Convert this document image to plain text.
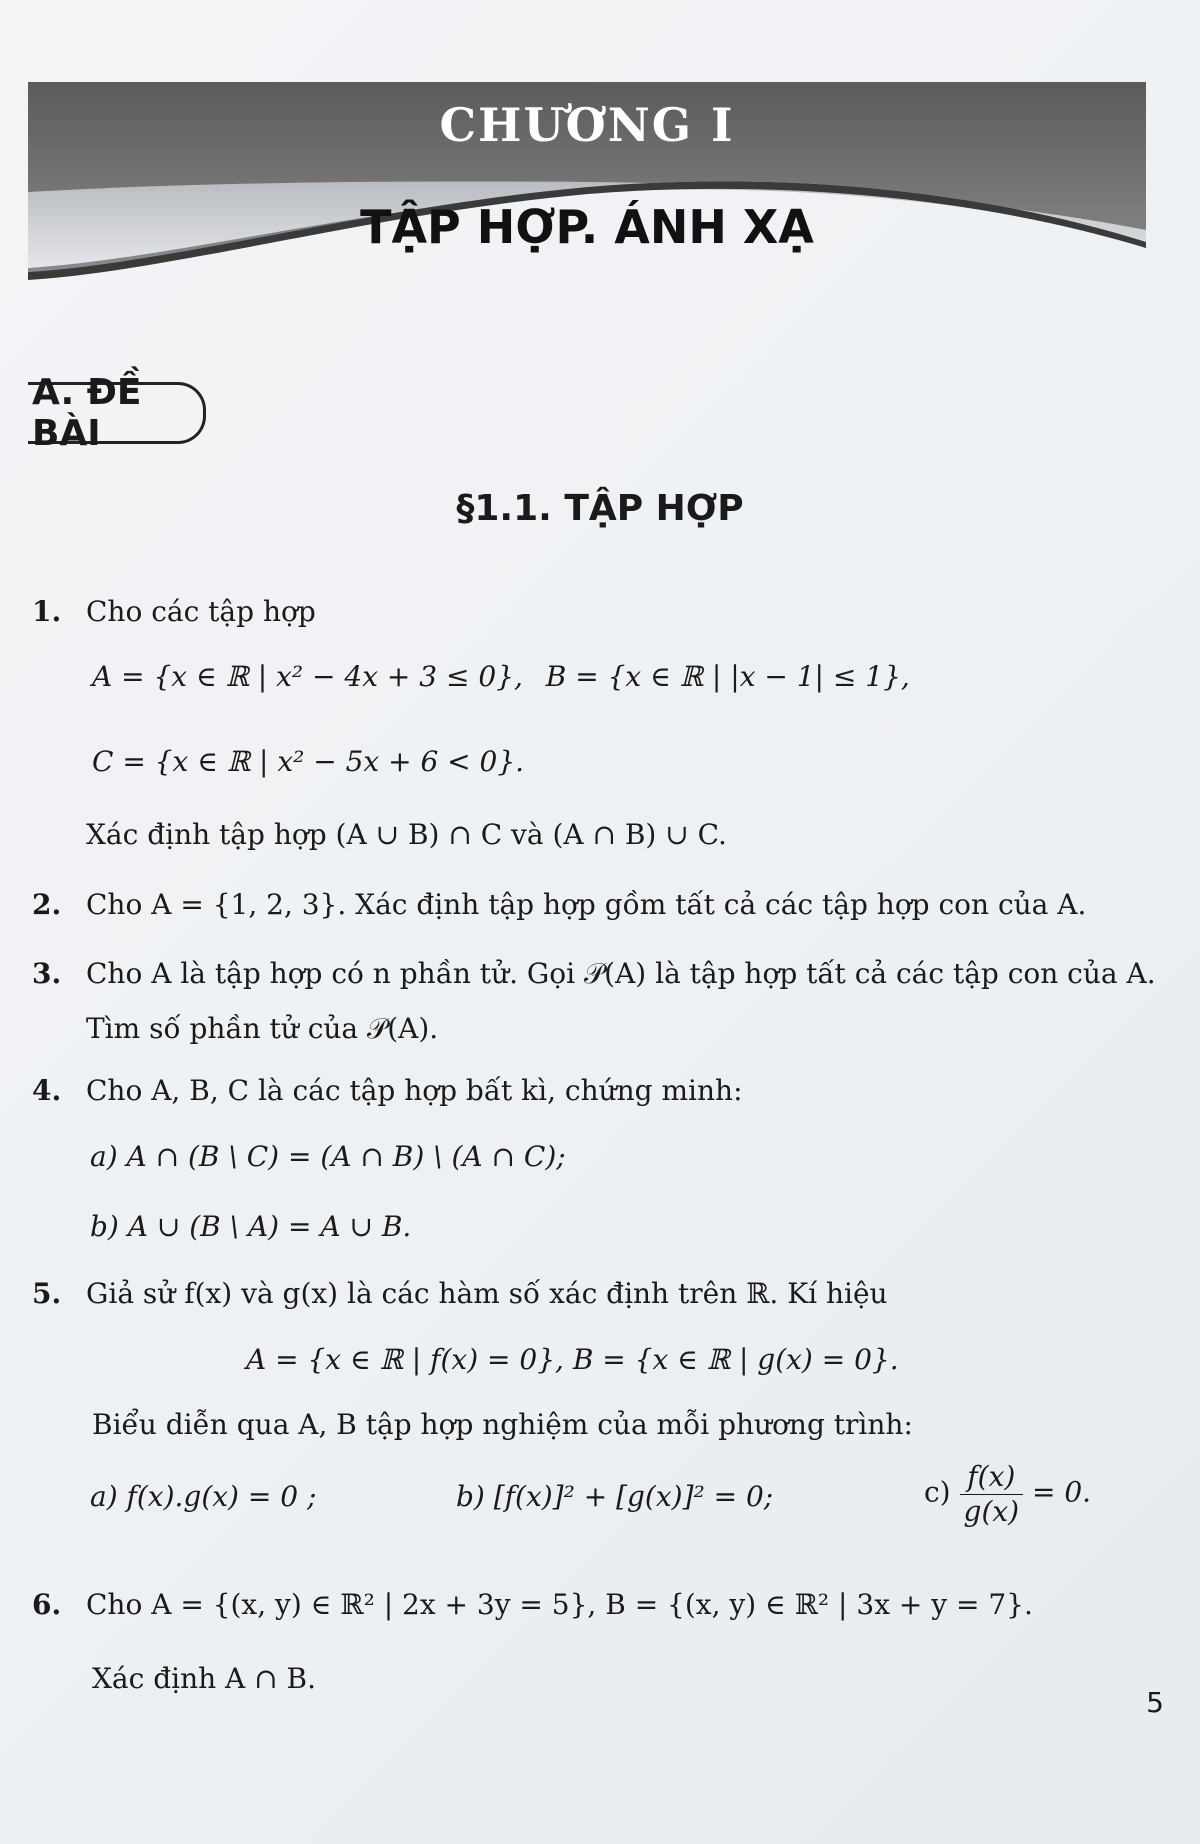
CHƯƠNG I
TẬP HỢP. ÁNH XẠ
A. ĐỀ BÀI
§1.1. TẬP HỢP
1. Cho các tập hợp
A = {x ∈ ℝ | x² − 4x + 3 ≤ 0}, B = {x ∈ ℝ | |x − 1| ≤ 1},
C = {x ∈ ℝ | x² − 5x + 6 < 0}.
Xác định tập hợp (A ∪ B) ∩ C và (A ∩ B) ∪ C.
2. Cho A = {1, 2, 3}. Xác định tập hợp gồm tất cả các tập hợp con của A.
3. Cho A là tập hợp có n phần tử. Gọi 𝒫(A) là tập hợp tất cả các tập con của A.
Tìm số phần tử của 𝒫(A).
4. Cho A, B, C là các tập hợp bất kì, chứng minh:
a) A ∩ (B \ C) = (A ∩ B) \ (A ∩ C);
b) A ∪ (B \ A) = A ∪ B.
5. Giả sử f(x) và g(x) là các hàm số xác định trên ℝ. Kí hiệu
A = {x ∈ ℝ | f(x) = 0}, B = {x ∈ ℝ | g(x) = 0}.
Biểu diễn qua A, B tập hợp nghiệm của mỗi phương trình:
a) f(x).g(x) = 0 ;	b) [f(x)]² + [g(x)]² = 0;	$c) \frac{f(x)}{g(x)} = 0$.
6. Cho A = {(x, y) ∈ ℝ² | 2x + 3y = 5}, B = {(x, y) ∈ ℝ² | 3x + y = 7}.
Xác định A ∩ B.
5
